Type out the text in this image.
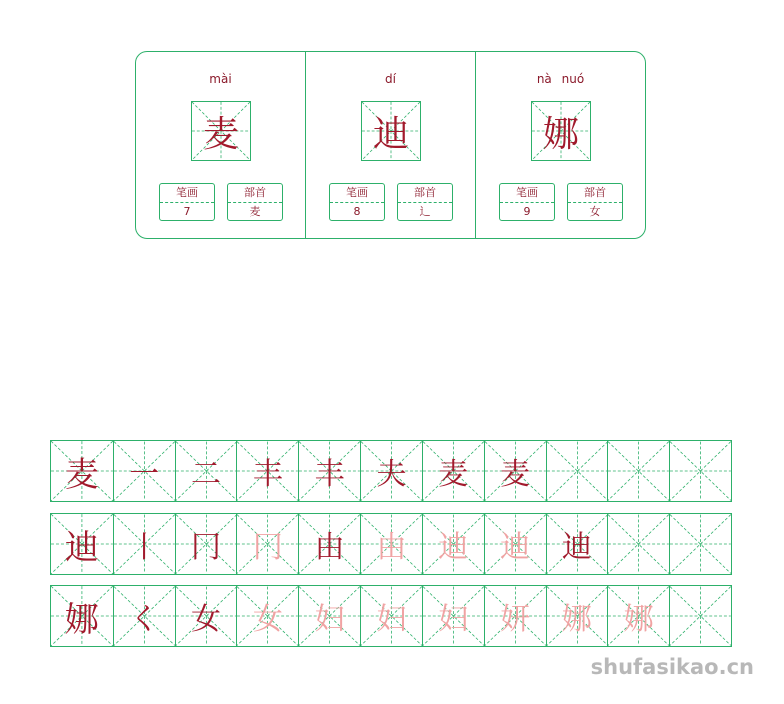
mài
麦
笔画
7
部首
麦
dí
迪
笔画
8
部首
辶
nà nuó
娜
笔画
9
部首
女
麦	一	二	丰	丰	夫	麦	麦
迪	丨	冂	冂	由	由	迪	迪	迪
娜	く	女	女	妇	妇	妇	妍	娜	娜
shufasikao.cn
